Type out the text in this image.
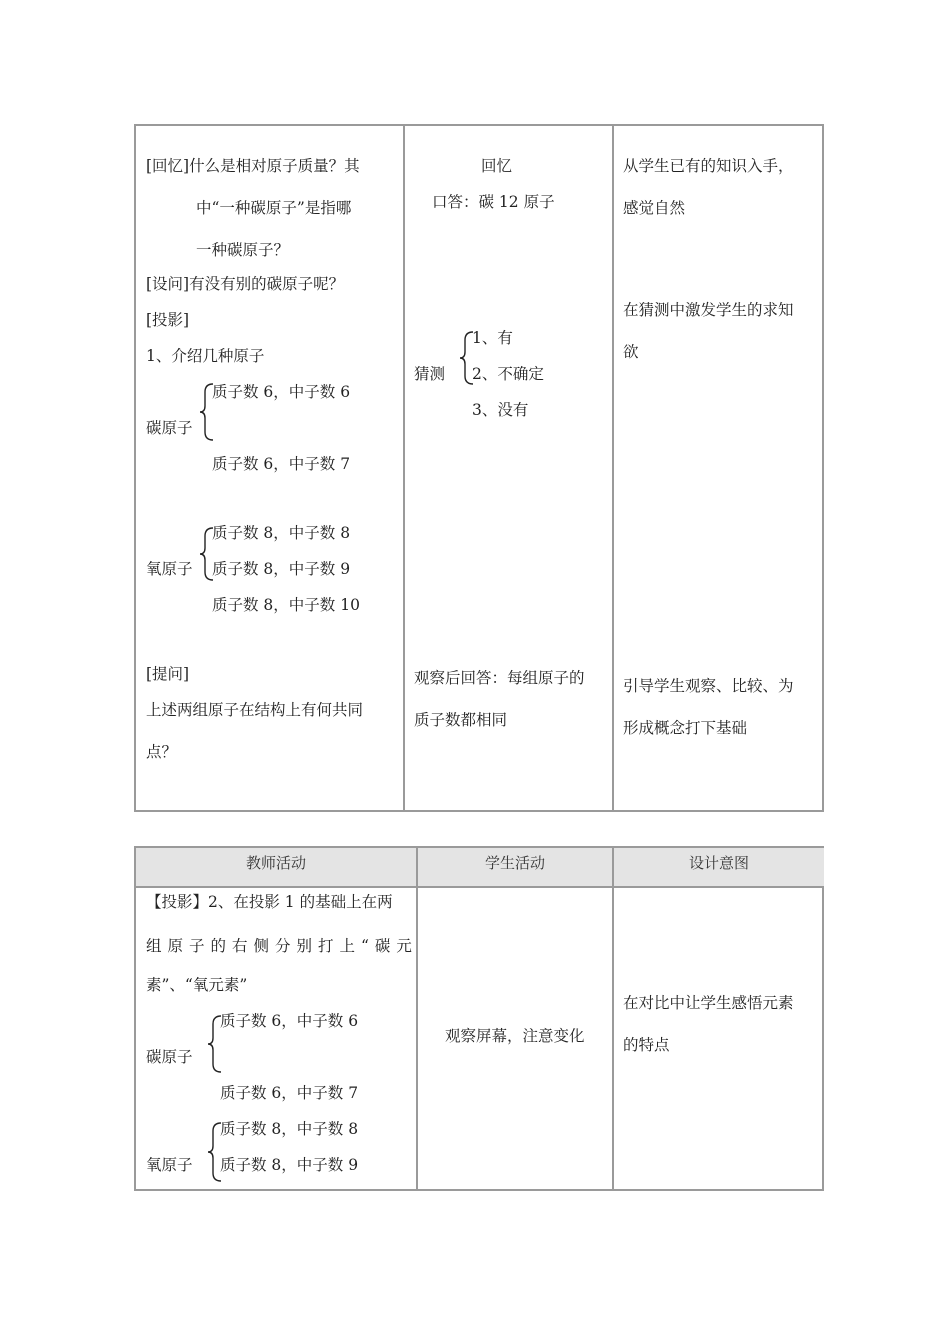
[回忆]什么是相对原子质量？其
中“一种碳原子”是指哪
一种碳原子？
[设问]有没有别的碳原子呢？
[投影]
1、介绍几种原子
质子数 6，中子数 6
碳原子
质子数 6，中子数 7
质子数 8，中子数 8
氧原子 质子数 8，中子数 9
质子数 8，中子数 10
[提问]
上述两组原子在结构上有何共同
点？
回忆
口答：碳 12 原子
1、有
猜测 2、不确定
3、没有
观察后回答：每组原子的
质子数都相同
从学生已有的知识入手，
感觉自然
在猜测中激发学生的求知
欲
引导学生观察、比较、为
形成概念打下基础
教师活动	学生活动	设计意图
【投影】2、在投影 1 的基础上在两
组原子的右侧分别打上“碳元
素”、“氧元素”
质子数 6，中子数 6
碳原子
质子数 6，中子数 7
质子数 8，中子数 8
氧原子 质子数 8，中子数 9
观察屏幕，注意变化
在对比中让学生感悟元素
的特点
